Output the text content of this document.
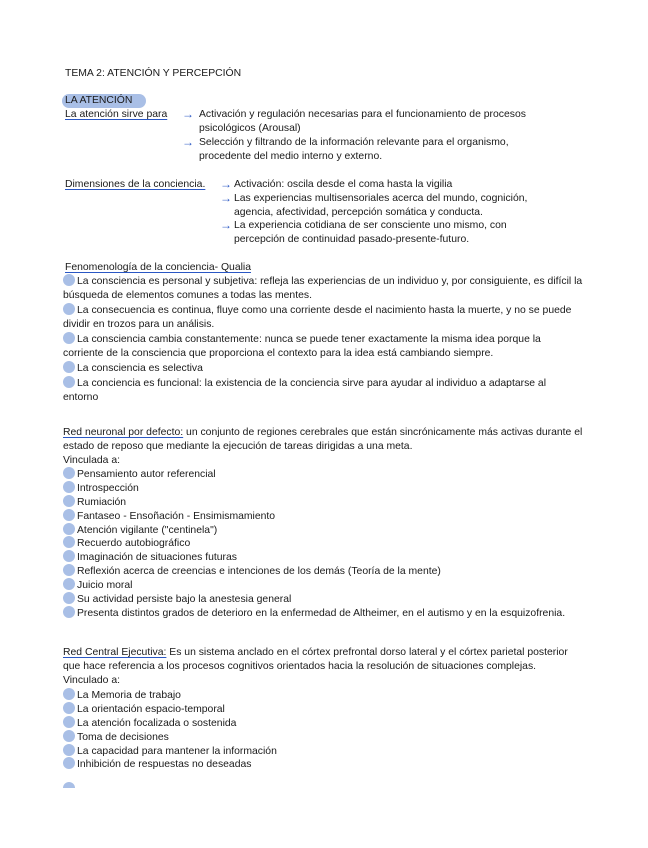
TEMA 2: ATENCIÓN Y PERCEPCIÓN
LA ATENCIÓN
La atención sirve para → Activación y regulación necesarias para el funcionamiento de procesos
psicológicos (Arousal)
→ Selección y filtrando de la información relevante para el organismo,
procedente del medio interno y externo.
Dimensiones de la conciencia. → Activación: oscila desde el coma hasta la vigilia
→ Las experiencias multisensoriales acerca del mundo, cognición,
agencia, afectividad, percepción somática y conducta.
→ La experiencia cotidiana de ser consciente uno mismo, con
percepción de continuidad pasado-presente-futuro.
Fenomenología de la conciencia- Qualia

La consciencia es personal y subjetiva: refleja las experiencias de un individuo y, por consiguiente, es difícil la búsqueda de elementos comunes a todas las mentes.

La consecuencia es continua, fluye como una corriente desde el nacimiento hasta la muerte, y no se puede dividir en trozos para un análisis.

La consciencia cambia constantemente: nunca se puede tener exactamente la misma idea porque la corriente de la consciencia que proporciona el contexto para la idea está cambiando siempre.

La consciencia es selectiva

La conciencia es funcional: la existencia de la conciencia sirve para ayudar al individuo a adaptarse al entorno

Red neuronal por defecto: un conjunto de regiones cerebrales que están sincrónicamente más activas durante el estado de reposo que mediante la ejecución de tareas dirigidas a una meta.

Vinculada a:

Pensamiento autor referencial
Introspección
Rumiación
Fantaseo - Ensoñación - Ensimismamiento
Atención vigilante ("centinela")
Recuerdo autobiográfico
Imaginación de situaciones futuras
Reflexión acerca de creencias e intenciones de los demás (Teoría de la mente)
Juicio moral
Su actividad persiste bajo la anestesia general
Presenta distintos grados de deterioro en la enfermedad de Altheimer, en el autismo y en la esquizofrenia.

Red Central Ejecutiva: Es un sistema anclado en el córtex prefrontal dorso lateral y el córtex parietal posterior que hace referencia a los procesos cognitivos orientados hacia la resolución de situaciones complejas. Vinculado a:

La Memoria de trabajo
La orientación espacio-temporal
La atención focalizada o sostenida
Toma de decisiones
La capacidad para mantener la información
Inhibición de respuestas no deseadas
